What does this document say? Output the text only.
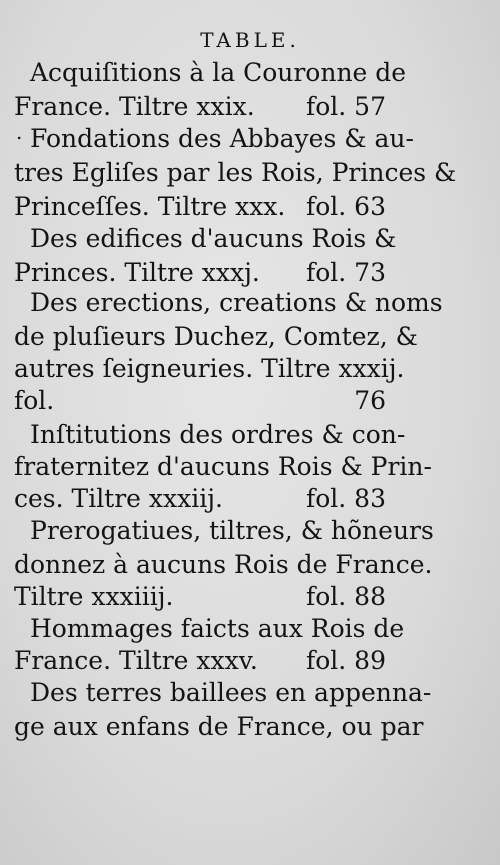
TABLE.
.
Acquiſitions à la Couronne de
France. Tiltre xxix. fol. 57
Fondations des Abbayes & au-
tres Egliſes par les Rois, Princes &
Princeſſes. Tiltre xxx. fol. 63
Des edifices d'aucuns Rois &
Princes. Tiltre xxxj. fol. 73
Des erections, creations & noms
de pluſieurs Duchez, Comtez, &
autres ſeigneuries. Tiltre xxxij.
fol.	76
Inſtitutions des ordres & con-
fraternitez d'aucuns Rois & Prin-
ces. Tiltre xxxiij.	fol. 83
Prerogatiues, tiltres, & hõneurs
donnez à aucuns Rois de France.
Tiltre xxxiiij.	fol. 88
Hommages faicts aux Rois de
France. Tiltre xxxv. fol. 89
Des terres baillees en appenna-
ge aux enfans de France, ou par
